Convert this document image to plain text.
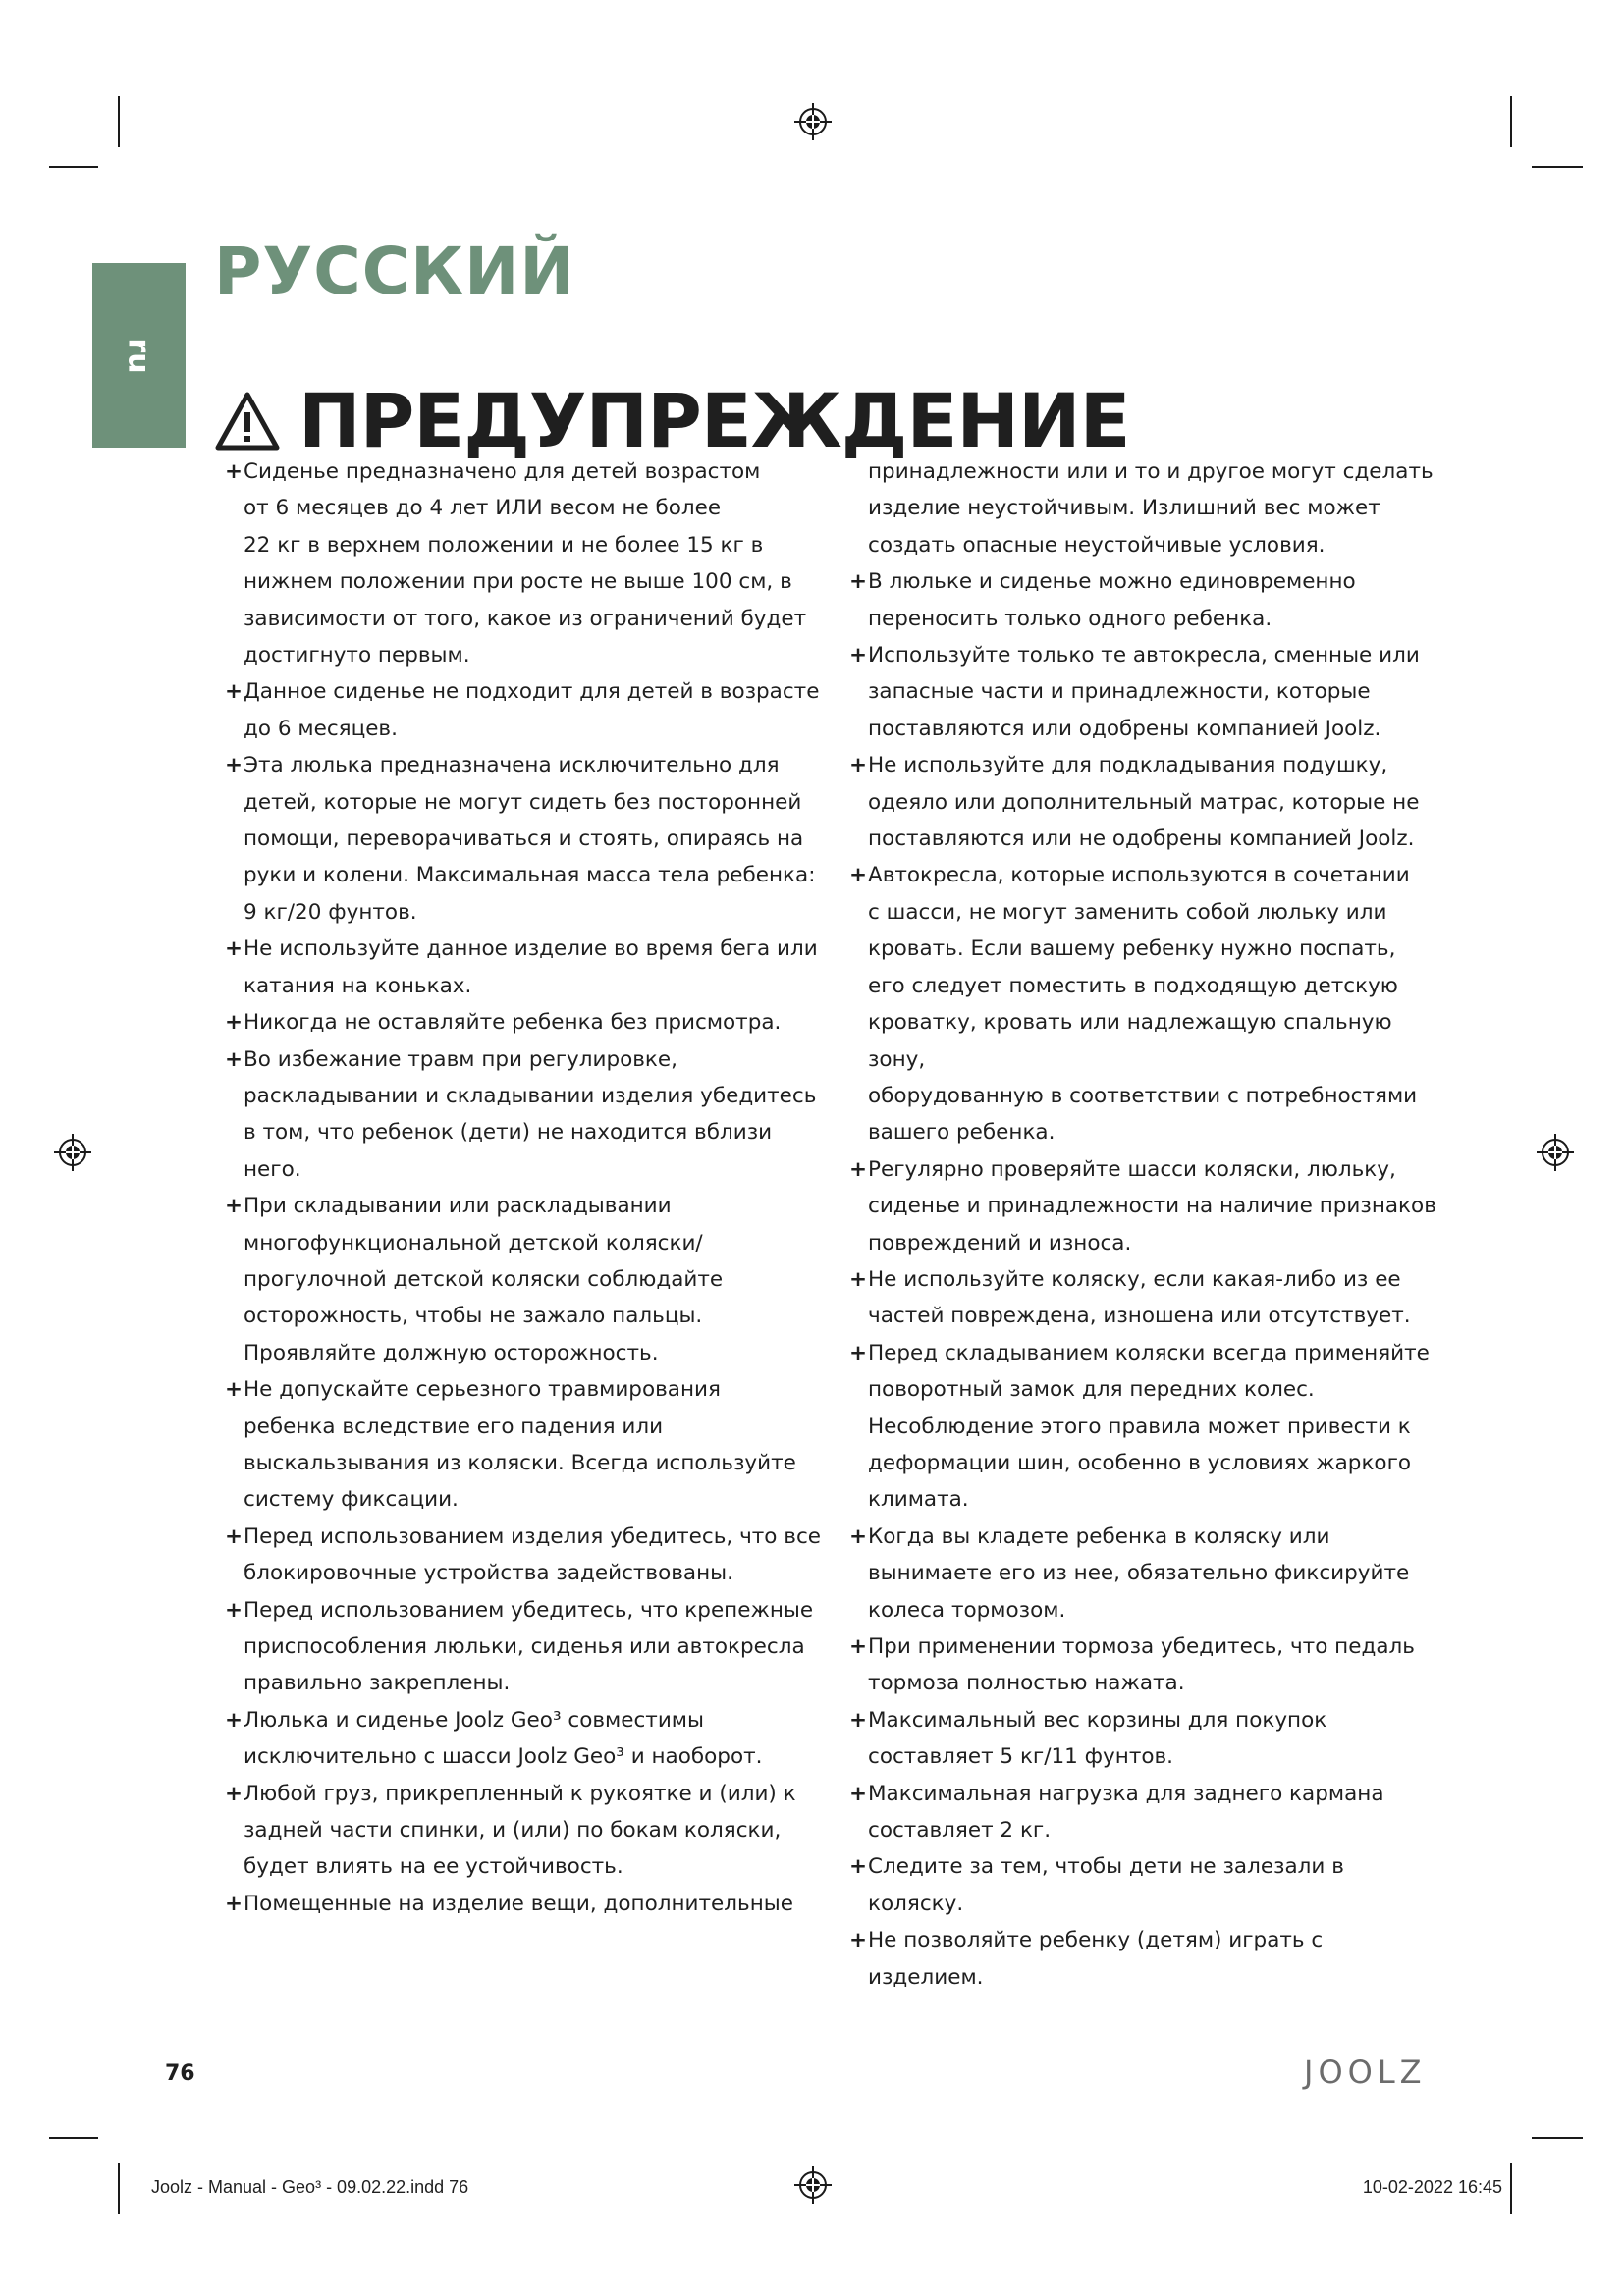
ru
РУССКИЙ
ПРЕДУПРЕЖДЕНИЕ
+ Сиденье предназначено для детей возрастом
от 6 месяцев до 4 лет ИЛИ весом не более
22 кг в верхнем положении и не более 15 кг в
нижнем положении при росте не выше 100 см, в
зависимости от того, какое из ограничений будет
достигнуто первым.
+ Данное сиденье не подходит для детей в возрасте
до 6 месяцев.
+ Эта люлька предназначена исключительно для
детей, которые не могут сидеть без посторонней
помощи, переворачиваться и стоять, опираясь на
руки и колени. Максимальная масса тела ребенка:
9 кг/20 фунтов.
+ Не используйте данное изделие во время бега или
катания на коньках.
+ Никогда не оставляйте ребенка без присмотра.
+ Во избежание травм при регулировке,
раскладывании и складывании изделия убедитесь
в том, что ребенок (дети) не находится вблизи него.
+ При складывании или раскладывании
многофункциональной детской коляски/
прогулочной детской коляски соблюдайте
осторожность, чтобы не зажало пальцы.
Проявляйте должную осторожность.
+ Не допускайте серьезного травмирования
ребенка вследствие его падения или
выскальзывания из коляски. Всегда используйте
систему фиксации.
+ Перед использованием изделия убедитесь, что все
блокировочные устройства задействованы.
+ Перед использованием убедитесь, что крепежные
приспособления люльки, сиденья или автокресла
правильно закреплены.
+ Люлька и сиденье Joolz Geo³ совместимы
исключительно с шасси Joolz Geo³ и наоборот.
+ Любой груз, прикрепленный к рукоятке и (или) к
задней части спинки, и (или) по бокам коляски,
будет влиять на ее устойчивость.
+ Помещенные на изделие вещи, дополнительные
принадлежности или и то и другое могут сделать
изделие неустойчивым. Излишний вес может
создать опасные неустойчивые условия.
+ В люльке и сиденье можно единовременно
переносить только одного ребенка.
+ Используйте только те автокресла, сменные или
запасные части и принадлежности, которые
поставляются или одобрены компанией Joolz.
+ Не используйте для подкладывания подушку,
одеяло или дополнительный матрас, которые не
поставляются или не одобрены компанией Joolz.
+ Автокресла, которые используются в сочетании
с шасси, не могут заменить собой люльку или
кровать. Если вашему ребенку нужно поспать,
его следует поместить в подходящую детскую
кроватку, кровать или надлежащую спальную зону,
оборудованную в соответствии с потребностями
вашего ребенка.
+ Регулярно проверяйте шасси коляски, люльку,
сиденье и принадлежности на наличие признаков
повреждений и износа.
+ Не используйте коляску, если какая-либо из ее
частей повреждена, изношена или отсутствует.
+ Перед складыванием коляски всегда применяйте
поворотный замок для передних колес.
Несоблюдение этого правила может привести к
деформации шин, особенно в условиях жаркого
климата.
+ Когда вы кладете ребенка в коляску или
вынимаете его из нее, обязательно фиксируйте
колеса тормозом.
+ При применении тормоза убедитесь, что педаль
тормоза полностью нажата.
+ Максимальный вес корзины для покупок
составляет 5 кг/11 фунтов.
+ Максимальная нагрузка для заднего кармана
составляет 2 кг.
+ Следите за тем, чтобы дети не залезали в коляску.
+ Не позволяйте ребенку (детям) играть с изделием.
76	JOOLZ
Joolz - Manual - Geo³ - 09.02.22.indd 76	10-02-2022 16:45
